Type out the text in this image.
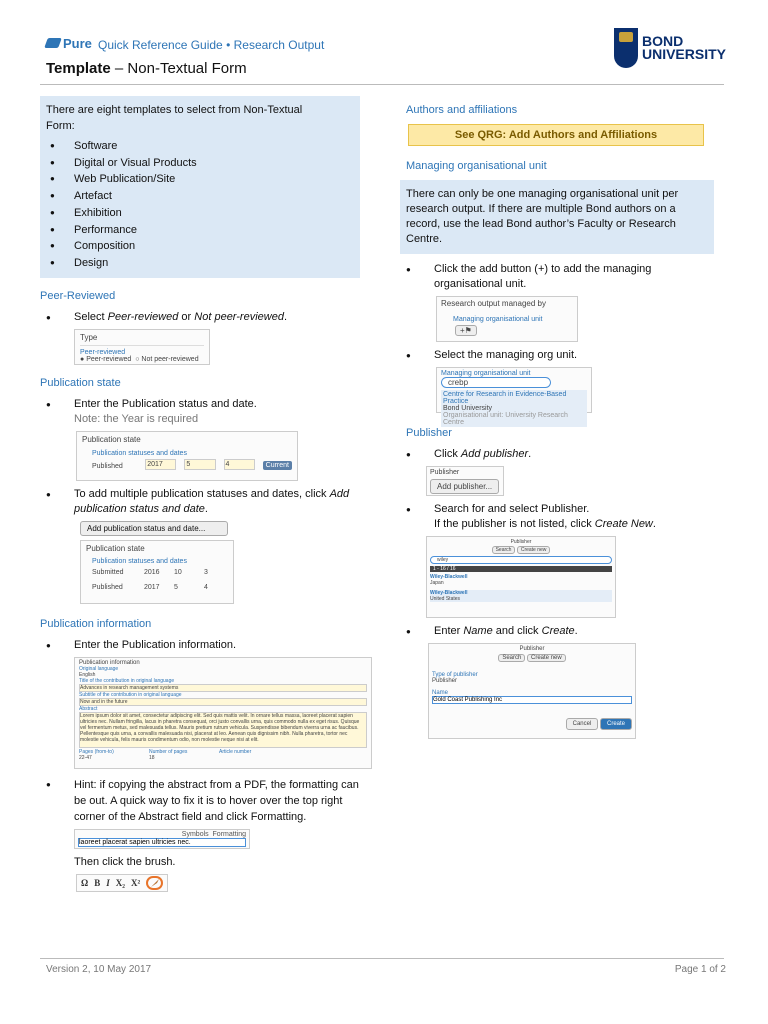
Pure Quick Reference Guide • Research Output
Template – Non-Textual Form
BOND
UNIVERSITY
There are eight templates to select from Non-Textual Form:
● Software
● Digital or Visual Products
● Web Publication/Site
● Artefact
● Exhibition
● Performance
● Composition
● Design
Peer-Reviewed
● Select Peer-reviewed or Not peer-reviewed.
Type
Peer-reviewed
● Peer-reviewed  ○ Not peer-reviewed
Publication state
● Enter the Publication status and date.
Note: the Year is required
Publication state
Publication statuses and dates
Published	2017	5	4	Current
● To add multiple publication statuses and dates, click Add publication status and date.
Add publication status and date...
Publication state
Publication statuses and dates
Submitted	2016	10	3
Published	2017	5	4
Publication information
● Enter the Publication information.
Publication information
Original language
English
Title of the contribution in original language
Advances in research management systems
Subtitle of the contribution in original language
Now and in the future
Abstract
Lorem ipsum dolor sit amet, consectetur adipiscing elit. Sed quis mattis velit. In ornare tellus massa, laoreet placerat sapien ultricies nec. Nullam fringilla, lacus in pharetra consequat, orci justo convallis urna, quis commodo nulla ex eget risus. Quisque vel fermentum metus, sed malesuada tellus. Mauris pretium rutrum vehicula. Suspendisse bibendum viverra urna ac faucibus. Pellentesque quis urna, a convallis malesuada nisi, placerat at leo. Aenean quis dignissim nibh. Nulla pharetra, tortor nec molestie vehicula, felis mauris condimentum odio, non molestie neque nisi at elit.
Pages (from-to)	Number of pages	Article number
22-47	18
● Hint: if copying the abstract from a PDF, the formatting can be out. A quick way to fix it is to hover over the top right corner of the Abstract field and click Formatting.
Symbols Formatting
laoreet placerat sapien ultricies nec.
Then click the brush.
Ω B I X₂ X²
Authors and affiliations
See QRG: Add Authors and Affiliations
Managing organisational unit
There can only be one managing organisational unit per research output. If there are multiple Bond authors on a record, use the lead Bond author’s Faculty or Research Centre.
● Click the add button (+) to add the managing organisational unit.
Research output managed by
Managing organisational unit
+⚑
● Select the managing org unit.
Managing organisational unit
crebp
Centre for Research in Evidence-Based Practice
Bond University
Organisational unit: University Research Centre
Publisher
● Click Add publisher.
Publisher
Add publisher...
● Search for and select Publisher.
If the publisher is not listed, click Create New.
Publisher
Search Create new
wiley
1 - 16 / 16
Wiley-Blackwell
Japan
Wiley-Blackwell
United States
● Enter Name and click Create.
Publisher
Search Create new
Type of publisher
Publisher
Name
Gold Coast Publishing Inc
Cancel	Create
Version 2, 10 May 2017	Page 1 of 2
